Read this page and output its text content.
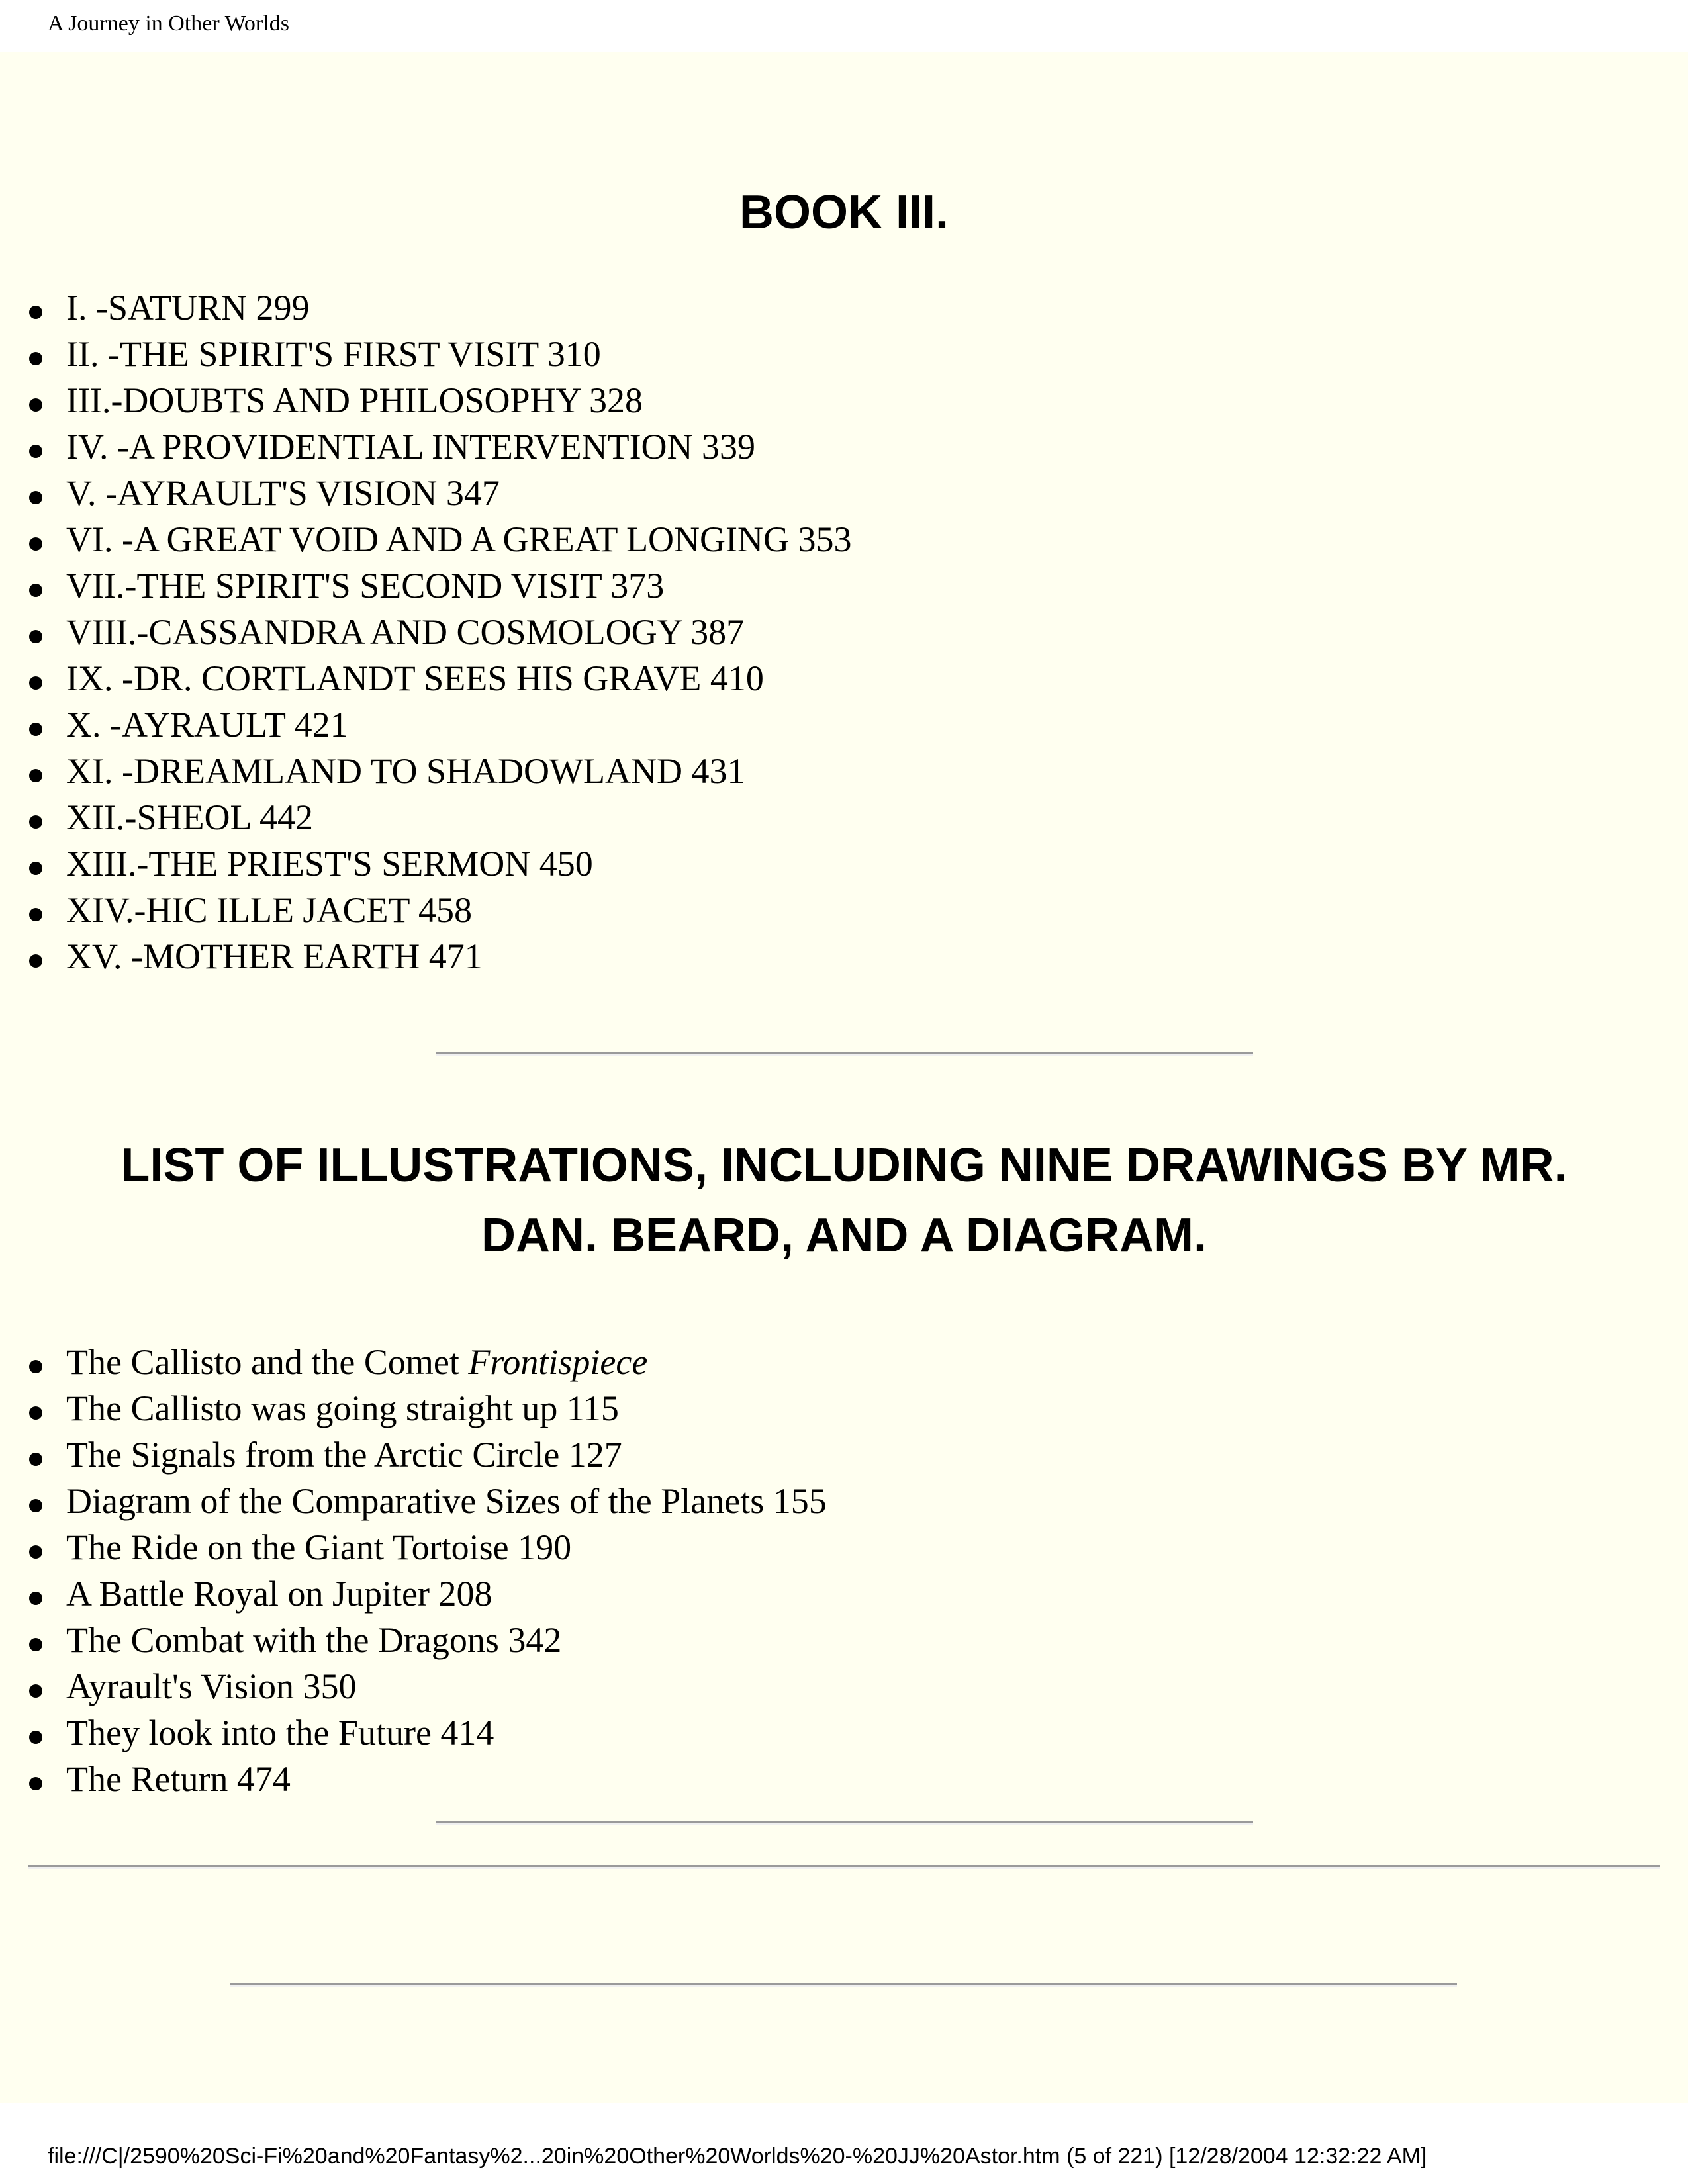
A Journey in Other Worlds
BOOK III.
I. -SATURN 299
II. -THE SPIRIT'S FIRST VISIT 310
III.-DOUBTS AND PHILOSOPHY 328
IV. -A PROVIDENTIAL INTERVENTION 339
V. -AYRAULT'S VISION 347
VI. -A GREAT VOID AND A GREAT LONGING 353
VII.-THE SPIRIT'S SECOND VISIT 373
VIII.-CASSANDRA AND COSMOLOGY 387
IX. -DR. CORTLANDT SEES HIS GRAVE 410
X. -AYRAULT 421
XI. -DREAMLAND TO SHADOWLAND 431
XII.-SHEOL 442
XIII.-THE PRIEST'S SERMON 450
XIV.-HIC ILLE JACET 458
XV. -MOTHER EARTH 471
LIST OF ILLUSTRATIONS, INCLUDING NINE DRAWINGS BY MR. DAN. BEARD, AND A DIAGRAM.
The Callisto and the Comet Frontispiece
The Callisto was going straight up 115
The Signals from the Arctic Circle 127
Diagram of the Comparative Sizes of the Planets 155
The Ride on the Giant Tortoise 190
A Battle Royal on Jupiter 208
The Combat with the Dragons 342
Ayrault's Vision 350
They look into the Future 414
The Return 474
file:///C|/2590%20Sci-Fi%20and%20Fantasy%2...20in%20Other%20Worlds%20-%20JJ%20Astor.htm (5 of 221) [12/28/2004 12:32:22 AM]
